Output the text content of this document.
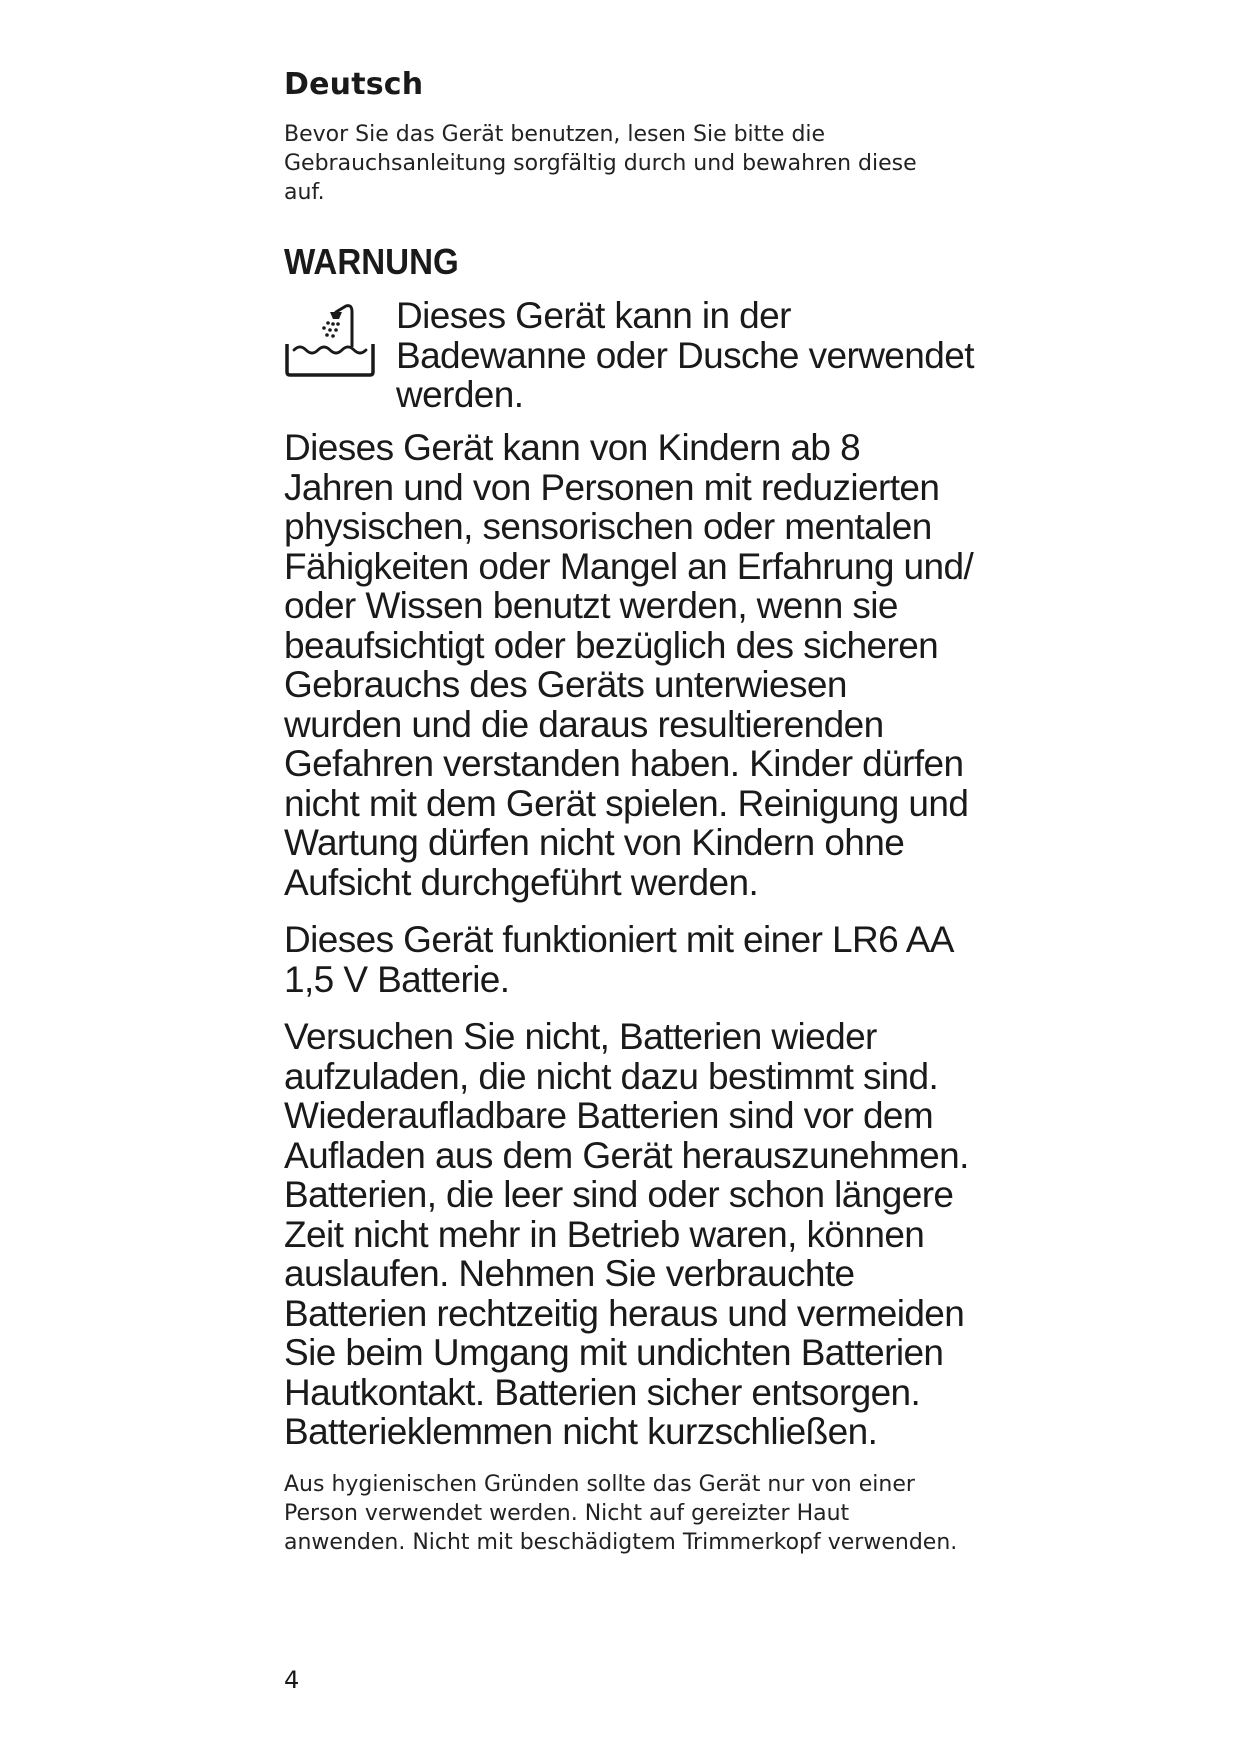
Deutsch

Bevor Sie das Gerät benutzen, lesen Sie bitte die Gebrauchsanleitung sorgfältig durch und bewahren diese auf.

WARNUNG

Dieses Gerät kann in der Badewanne oder Dusche verwendet werden.

Dieses Gerät kann von Kindern ab 8 Jahren und von Personen mit reduzierten physischen, sensorischen oder mentalen Fähigkeiten oder Mangel an Erfahrung und/ oder Wissen benutzt werden, wenn sie beaufsichtigt oder bezüglich des sicheren Gebrauchs des Geräts unterwiesen wurden und die daraus resultierenden Gefahren verstanden haben. Kinder dürfen nicht mit dem Gerät spielen. Reinigung und Wartung dürfen nicht von Kindern ohne Aufsicht durchgeführt werden.

Dieses Gerät funktioniert mit einer LR6 AA 1,5 V Batterie.

Versuchen Sie nicht, Batterien wieder aufzuladen, die nicht dazu bestimmt sind. Wiederaufladbare Batterien sind vor dem Aufladen aus dem Gerät herauszunehmen. Batterien, die leer sind oder schon längere Zeit nicht mehr in Betrieb waren, können auslaufen. Nehmen Sie verbrauchte Batterien rechtzeitig heraus und vermeiden Sie beim Umgang mit undichten Batterien Hautkontakt. Batterien sicher entsorgen. Batterieklemmen nicht kurzschließen.

Aus hygienischen Gründen sollte das Gerät nur von einer Person verwendet werden. Nicht auf gereizter Haut anwenden. Nicht mit beschädigtem Trimmerkopf verwenden.

4
